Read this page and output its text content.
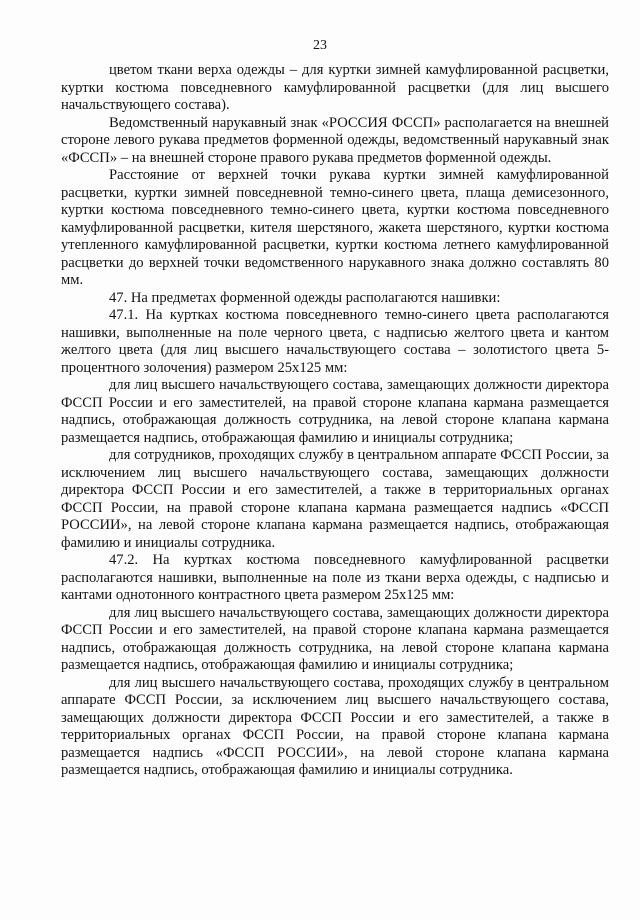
23

цветом ткани верха одежды – для куртки зимней камуфлированной расцветки, куртки костюма повседневного камуфлированной расцветки (для лиц высшего начальствующего состава).

Ведомственный нарукавный знак «РОССИЯ ФССП» располагается на внешней стороне левого рукава предметов форменной одежды, ведомственный нарукавный знак «ФССП» – на внешней стороне правого рукава предметов форменной одежды.

Расстояние от верхней точки рукава куртки зимней камуфлированной расцветки, куртки зимней повседневной темно-синего цвета, плаща демисезонного, куртки костюма повседневного темно-синего цвета, куртки костюма повседневного камуфлированной расцветки, кителя шерстяного, жакета шерстяного, куртки костюма утепленного камуфлированной расцветки, куртки костюма летнего камуфлированной расцветки до верхней точки ведомственного нарукавного знака должно составлять 80 мм.

47. На предметах форменной одежды располагаются нашивки:

47.1. На куртках костюма повседневного темно-синего цвета располагаются нашивки, выполненные на поле черного цвета, с надписью желтого цвета и кантом желтого цвета (для лиц высшего начальствующего состава – золотистого цвета 5-процентного золочения) размером 25х125 мм:

для лиц высшего начальствующего состава, замещающих должности директора ФССП России и его заместителей, на правой стороне клапана кармана размещается надпись, отображающая должность сотрудника, на левой стороне клапана кармана размещается надпись, отображающая фамилию и инициалы сотрудника;

для сотрудников, проходящих службу в центральном аппарате ФССП России, за исключением лиц высшего начальствующего состава, замещающих должности директора ФССП России и его заместителей, а также в территориальных органах ФССП России, на правой стороне клапана кармана размещается надпись «ФССП РОССИИ», на левой стороне клапана кармана размещается надпись, отображающая фамилию и инициалы сотрудника.

47.2. На куртках костюма повседневного камуфлированной расцветки располагаются нашивки, выполненные на поле из ткани верха одежды, с надписью и кантами однотонного контрастного цвета размером 25х125 мм:

для лиц высшего начальствующего состава, замещающих должности директора ФССП России и его заместителей, на правой стороне клапана кармана размещается надпись, отображающая должность сотрудника, на левой стороне клапана кармана размещается надпись, отображающая фамилию и инициалы сотрудника;

для лиц высшего начальствующего состава, проходящих службу в центральном аппарате ФССП России, за исключением лиц высшего начальствующего состава, замещающих должности директора ФССП России и его заместителей, а также в территориальных органах ФССП России, на правой стороне клапана кармана размещается надпись «ФССП РОССИИ», на левой стороне клапана кармана размещается надпись, отображающая фамилию и инициалы сотрудника.
